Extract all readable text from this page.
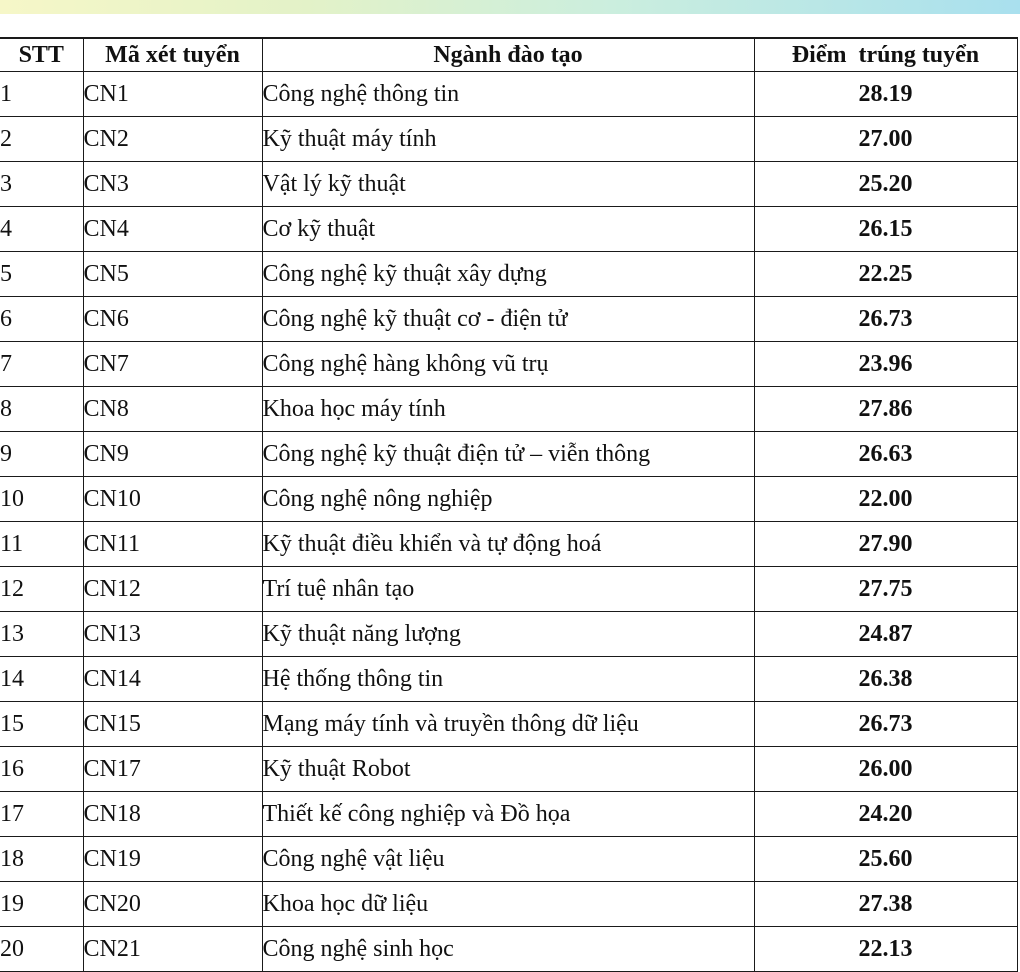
STT	Mã xét tuyển	Ngành đào tạo	Điểm  trúng tuyển
1	CN1	Công nghệ thông tin	28.19
2	CN2	Kỹ thuật máy tính	27.00
3	CN3	Vật lý kỹ thuật	25.20
4	CN4	Cơ kỹ thuật	26.15
5	CN5	Công nghệ kỹ thuật xây dựng	22.25
6	CN6	Công nghệ kỹ thuật cơ - điện tử	26.73
7	CN7	Công nghệ hàng không vũ trụ	23.96
8	CN8	Khoa học máy tính	27.86
9	CN9	Công nghệ kỹ thuật điện tử – viễn thông	26.63
10	CN10	Công nghệ nông nghiệp	22.00
11	CN11	Kỹ thuật điều khiển và tự động hoá	27.90
12	CN12	Trí tuệ nhân tạo	27.75
13	CN13	Kỹ thuật năng lượng	24.87
14	CN14	Hệ thống thông tin	26.38
15	CN15	Mạng máy tính và truyền thông dữ liệu	26.73
16	CN17	Kỹ thuật Robot	26.00
17	CN18	Thiết kế công nghiệp và Đồ họa	24.20
18	CN19	Công nghệ vật liệu	25.60
19	CN20	Khoa học dữ liệu	27.38
20	CN21	Công nghệ sinh học	22.13
